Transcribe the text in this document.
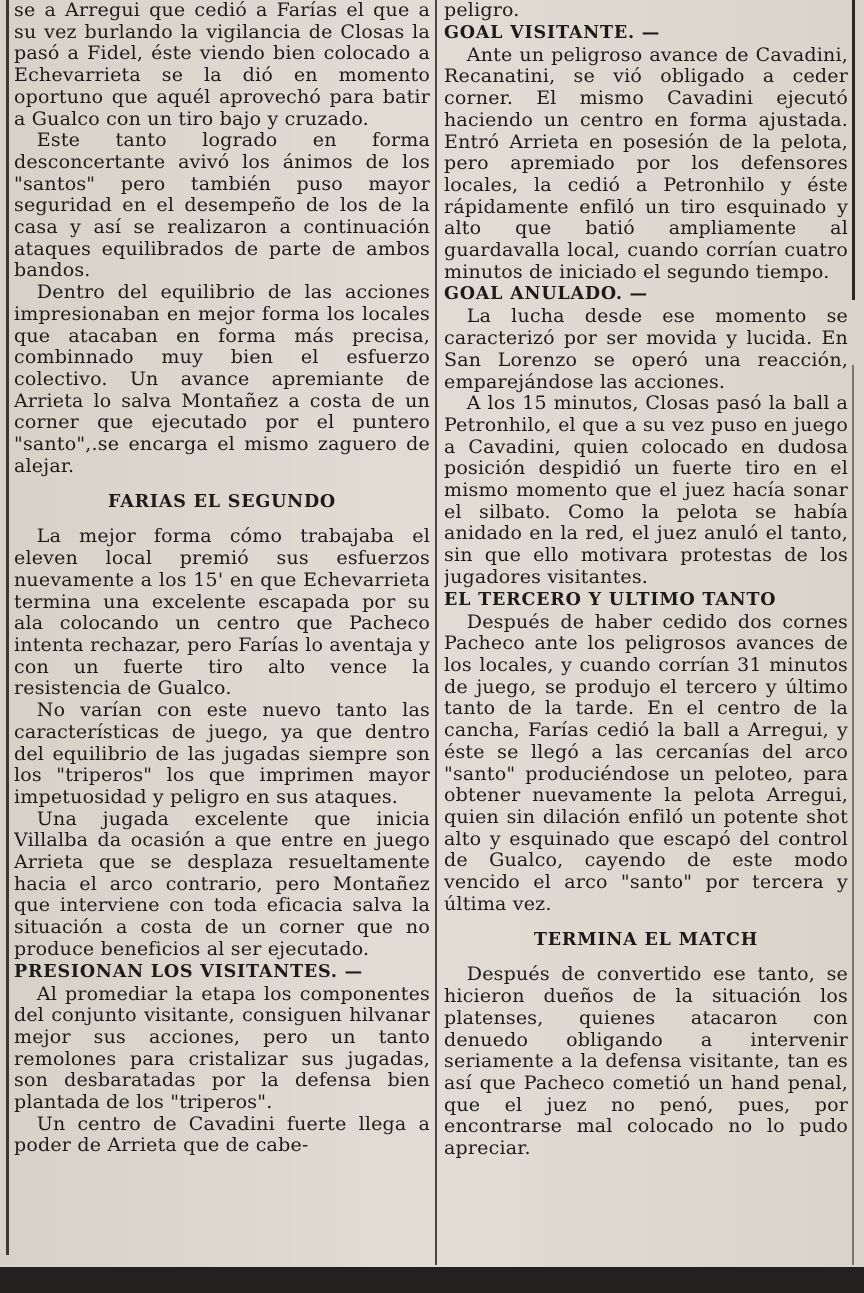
se a Arregui que cedió a Farías el que a su vez burlando la vigilancia de Closas la pasó a Fidel, éste viendo bien colocado a Echevarrieta se la dió en momento oportuno que aquél aprovechó para batir a Gualco con un tiro bajo y cruzado.

Este tanto logrado en forma desconcertante avivó los ánimos de los "santos" pero también puso mayor seguridad en el desempeño de los de la casa y así se realizaron a continuación ataques equilibrados de parte de ambos bandos.

Dentro del equilibrio de las acciones impresionaban en mejor forma los locales que atacaban en forma más precisa, combinnado muy bien el esfuerzo colectivo. Un avance apremiante de Arrieta lo salva Montañez a costa de un corner que ejecutado por el puntero "santo",.se encarga el mismo zaguero de alejar.

FARIAS EL SEGUNDO

La mejor forma cómo trabajaba el eleven local premió sus esfuerzos nuevamente a los 15' en que Echevarrieta termina una excelente escapada por su ala colocando un centro que Pacheco intenta rechazar, pero Farías lo aventaja y con un fuerte tiro alto vence la resistencia de Gualco.

No varían con este nuevo tanto las características de juego, ya que dentro del equilibrio de las jugadas siempre son los "triperos" los que imprimen mayor impetuosidad y peligro en sus ataques.

Una jugada excelente que inicia Villalba da ocasión a que entre en juego Arrieta que se desplaza resueltamente hacia el arco contrario, pero Montañez que interviene con toda eficacia salva la situación a costa de un corner que no produce beneficios al ser ejecutado.

PRESIONAN LOS VISITANTES. —

Al promediar la etapa los componentes del conjunto visitante, consiguen hilvanar mejor sus acciones, pero un tanto remolones para cristalizar sus jugadas, son desbaratadas por la defensa bien plantada de los "triperos".

Un centro de Cavadini fuerte llega a poder de Arrieta que de cabe-

peligro.

GOAL VISITANTE. —

Ante un peligroso avance de Cavadini, Recanatini, se vió obligado a ceder corner. El mismo Cavadini ejecutó haciendo un centro en forma ajustada. Entró Arrieta en posesión de la pelota, pero apremiado por los defensores locales, la cedió a Petronhilo y éste rápidamente enfiló un tiro esquinado y alto que batió ampliamente al guardavalla local, cuando corrían cuatro minutos de iniciado el segundo tiempo.

GOAL ANULADO. —

La lucha desde ese momento se caracterizó por ser movida y lucida. En San Lorenzo se operó una reacción, emparejándose las acciones.

A los 15 minutos, Closas pasó la ball a Petronhilo, el que a su vez puso en juego a Cavadini, quien colocado en dudosa posición despidió un fuerte tiro en el mismo momento que el juez hacía sonar el silbato. Como la pelota se había anidado en la red, el juez anuló el tanto, sin que ello motivara protestas de los jugadores visitantes.

EL TERCERO Y ULTIMO TANTO

Después de haber cedido dos cornes Pacheco ante los peligrosos avances de los locales, y cuando corrían 31 minutos de juego, se produjo el tercero y último tanto de la tarde. En el centro de la cancha, Farías cedió la ball a Arregui, y éste se llegó a las cercanías del arco "santo" produciéndose un peloteo, para obtener nuevamente la pelota Arregui, quien sin dilación enfiló un potente shot alto y esquinado que escapó del control de Gualco, cayendo de este modo vencido el arco "santo" por tercera y última vez.

TERMINA EL MATCH

Después de convertido ese tanto, se hicieron dueños de la situación los platenses, quienes atacaron con denuedo obligando a intervenir seriamente a la defensa visitante, tan es así que Pacheco cometió un hand penal, que el juez no penó, pues, por encontrarse mal colocado no lo pudo apreciar.
